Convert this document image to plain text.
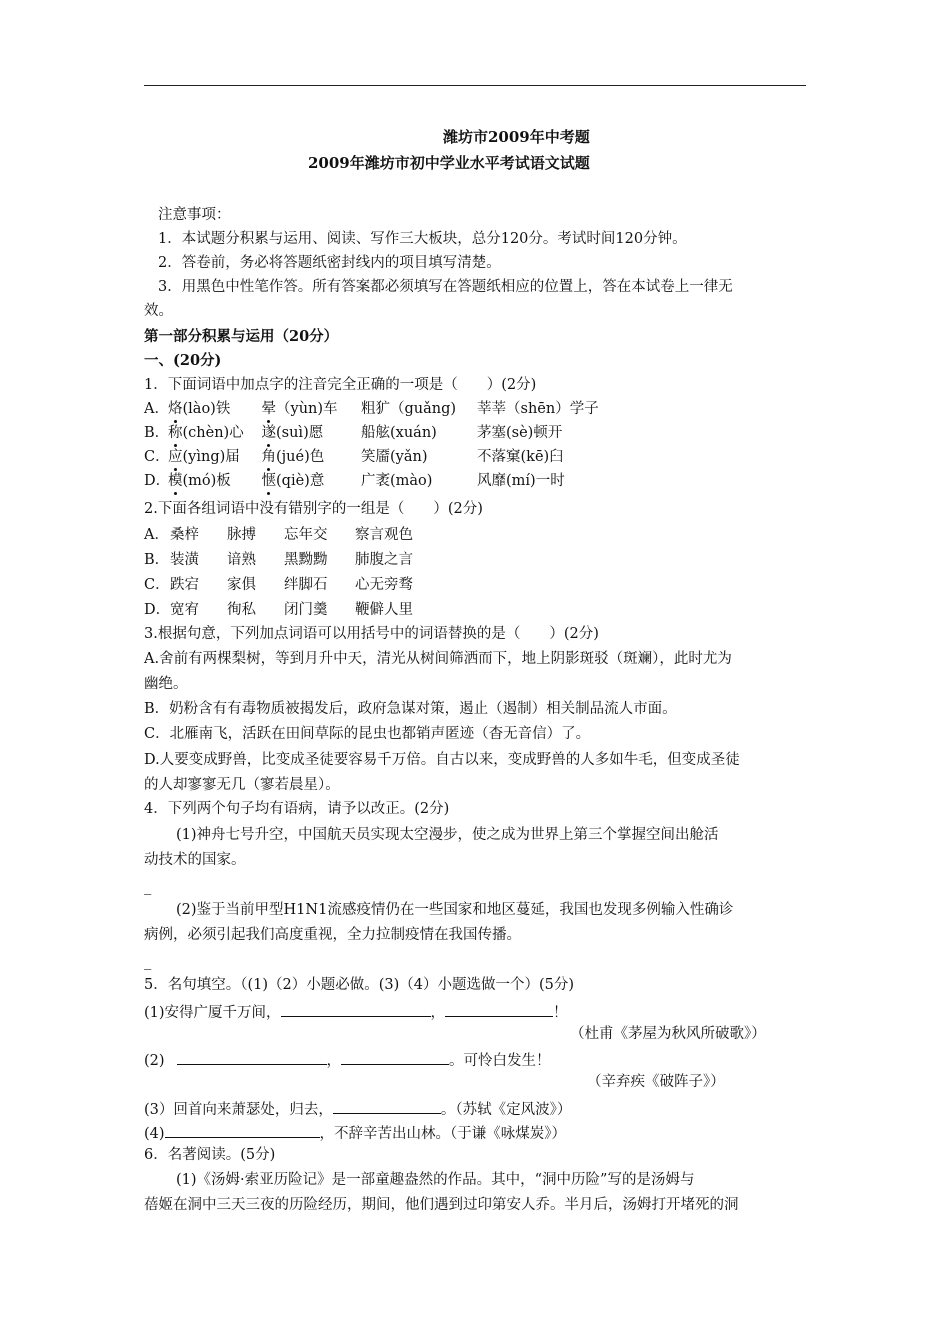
潍坊市2009年中考题
2009年潍坊市初中学业水平考试语文试题
注意事项：
1．本试题分积累与运用、阅读、写作三大板块，总分120分。考试时间120分钟。
2．答卷前，务必将答题纸密封线内的项目填写清楚。
3．用黑色中性笔作答。所有答案都必须填写在答题纸相应的位置上，答在本试卷上一律无
效。
第一部分积累与运用（20分）
一、(20分)
1．下面词语中加点字的注音完全正确的一项是（　　）(2分)
A．烙(lào)铁 晕（yùn)车 粗犷（guǎng) 莘莘（shēn）学子
B．称(chèn)心 遂(suì)愿	船舷(xuán)	茅塞(sè)顿开
C．应(yìng)届 角(jué)色	笑靥(yǎn)	不落窠(kē)臼
D．模(mó)板 惬(qiè)意	广袤(mào)	风靡(mí)一时
2.下面各组词语中没有错别字的一组是（　　）(2分)
A．桑梓 脉搏 忘年交 察言观色
B．装潢 谙熟 黑黝黝 肺腹之言
C．跌宕 家俱 绊脚石 心无旁骛
D．宽宥 徇私 闭门羹 鞭僻人里
3.根据句意，下列加点词语可以用括号中的词语替换的是（　　）(2分)
A.舍前有两棵梨树，等到月升中天，清光从树间筛洒而下，地上阴影斑驳（斑斓），此时尤为
幽绝。
B．奶粉含有有毒物质被揭发后，政府急谋对策，遏止（遏制）相关制品流人市面。
C．北雁南飞，活跃在田间草际的昆虫也都销声匿迹（杳无音信）了。
D.人要变成野兽，比变成圣徒要容易千万倍。自古以来，变成野兽的人多如牛毛，但变成圣徒
的人却寥寥无几（寥若晨星）。
4．下列两个句子均有语病，请予以改正。(2分)
(1)神舟七号升空，中国航天员实现太空漫步，使之成为世界上第三个掌握空间出舱活
动技术的国家。
_
(2)鉴于当前甲型H1N1流感疫情仍在一些国家和地区蔓延，我国也发现多例输入性确诊
病例，必须引起我们高度重视，全力拉制疫情在我国传播。
_
5．名句填空。（(1)（2）小题必做。(3)（4）小题选做一个）(5分)
(1)安得广厦千万间，	，	！
（杜甫《茅屋为秋风所破歌》）
(2)	，	。可怜白发生！
（辛弃疾《破阵子》）
(3）回首向来萧瑟处，归去，	。（苏轼《定风波》）
(4)	，不辞辛苦出山林。（于谦《咏煤炭》）
6．名著阅读。(5分)
(1)《汤姆·索亚历险记》是一部童趣盎然的作品。其中，“洞中历险”写的是汤姆与
蓓姬在洞中三天三夜的历险经历，期间，他们遇到过印第安人乔。半月后，汤姆打开堵死的洞
